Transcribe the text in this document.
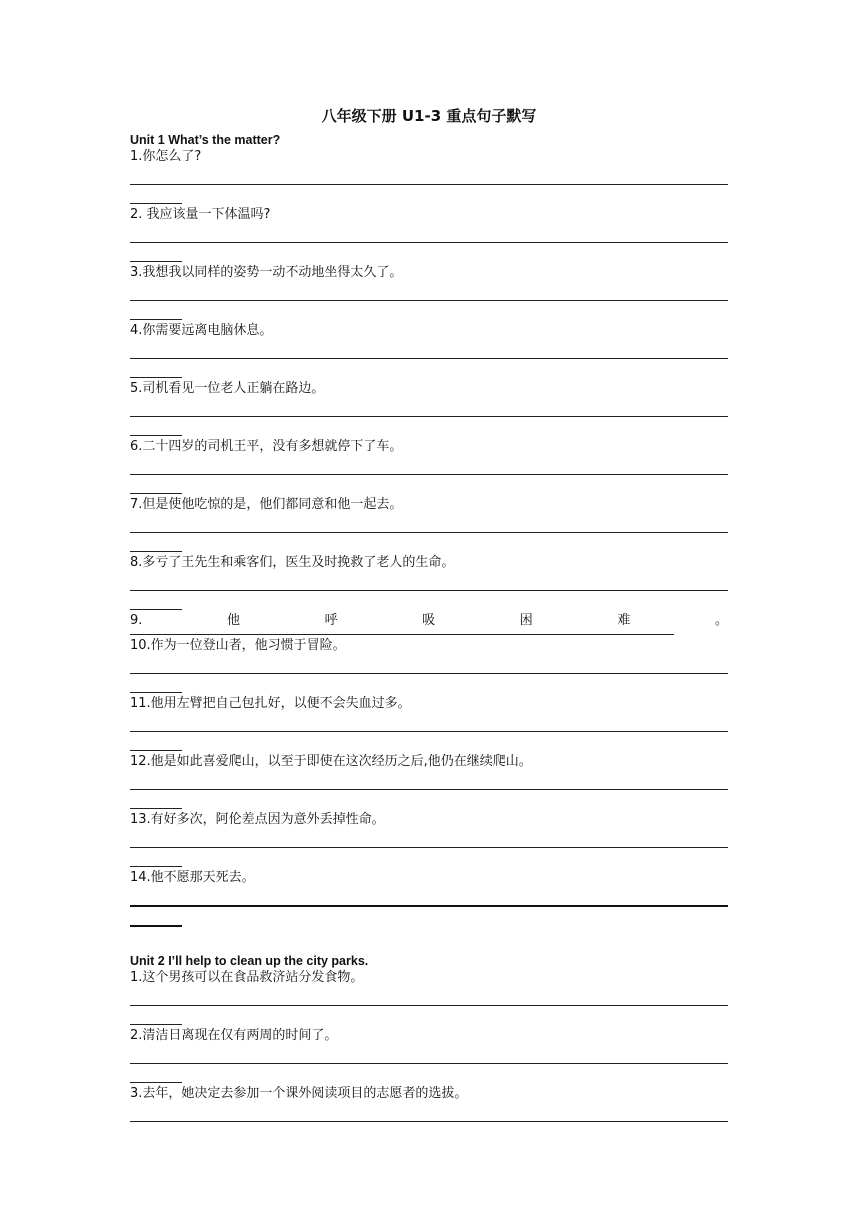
八年级下册 U1-3 重点句子默写
Unit 1 What’s the matter?
1.你怎么了?
2. 我应该量一下体温吗?
3.我想我以同样的姿势一动不动地坐得太久了。
4.你需要远离电脑休息。
5.司机看见一位老人正躺在路边。
6.二十四岁的司机王平，没有多想就停下了车。
7.但是使他吃惊的是，他们都同意和他一起去。
8.多亏了王先生和乘客们，医生及时挽救了老人的生命。
9.	他	呼	吸	困	难	。
10.作为一位登山者，他习惯于冒险。
11.他用左臂把自己包扎好，以便不会失血过多。
12.他是如此喜爱爬山，以至于即使在这次经历之后,他仍在继续爬山。
13.有好多次，阿伦差点因为意外丢掉性命。
14.他不愿那天死去。
Unit 2 I’ll help to clean up the city parks.
1.这个男孩可以在食品救济站分发食物。
2.清洁日离现在仅有两周的时间了。
3.去年，她决定去参加一个课外阅读项目的志愿者的选拔。
